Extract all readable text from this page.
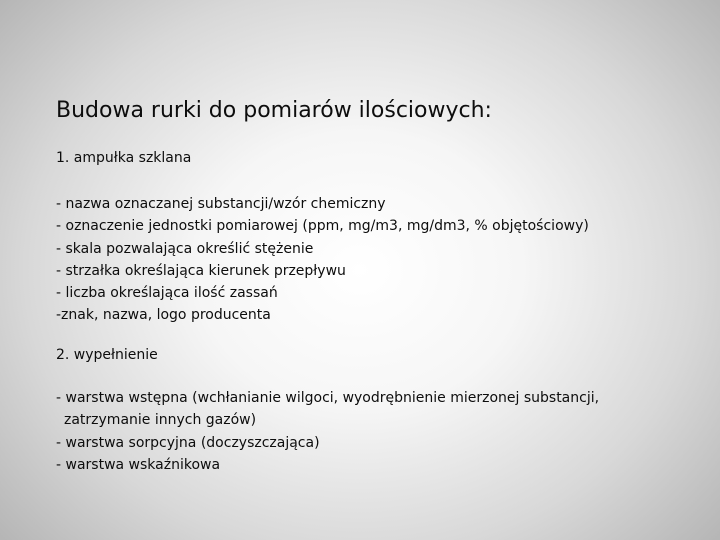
Budowa rurki do pomiarów ilościowych:
1. ampułka szklana
- nazwa oznaczanej substancji/wzór chemiczny
- oznaczenie jednostki pomiarowej (ppm, mg/m3, mg/dm3, % objętościowy)
- skala pozwalająca określić stężenie
- strzałka określająca kierunek przepływu
- liczba określająca ilość zassań
-znak, nazwa, logo producenta
2. wypełnienie
- warstwa wstępna (wchłanianie wilgoci, wyodrębnienie mierzonej substancji,
zatrzymanie innych gazów)
- warstwa sorpcyjna (doczyszczająca)
- warstwa wskaźnikowa
